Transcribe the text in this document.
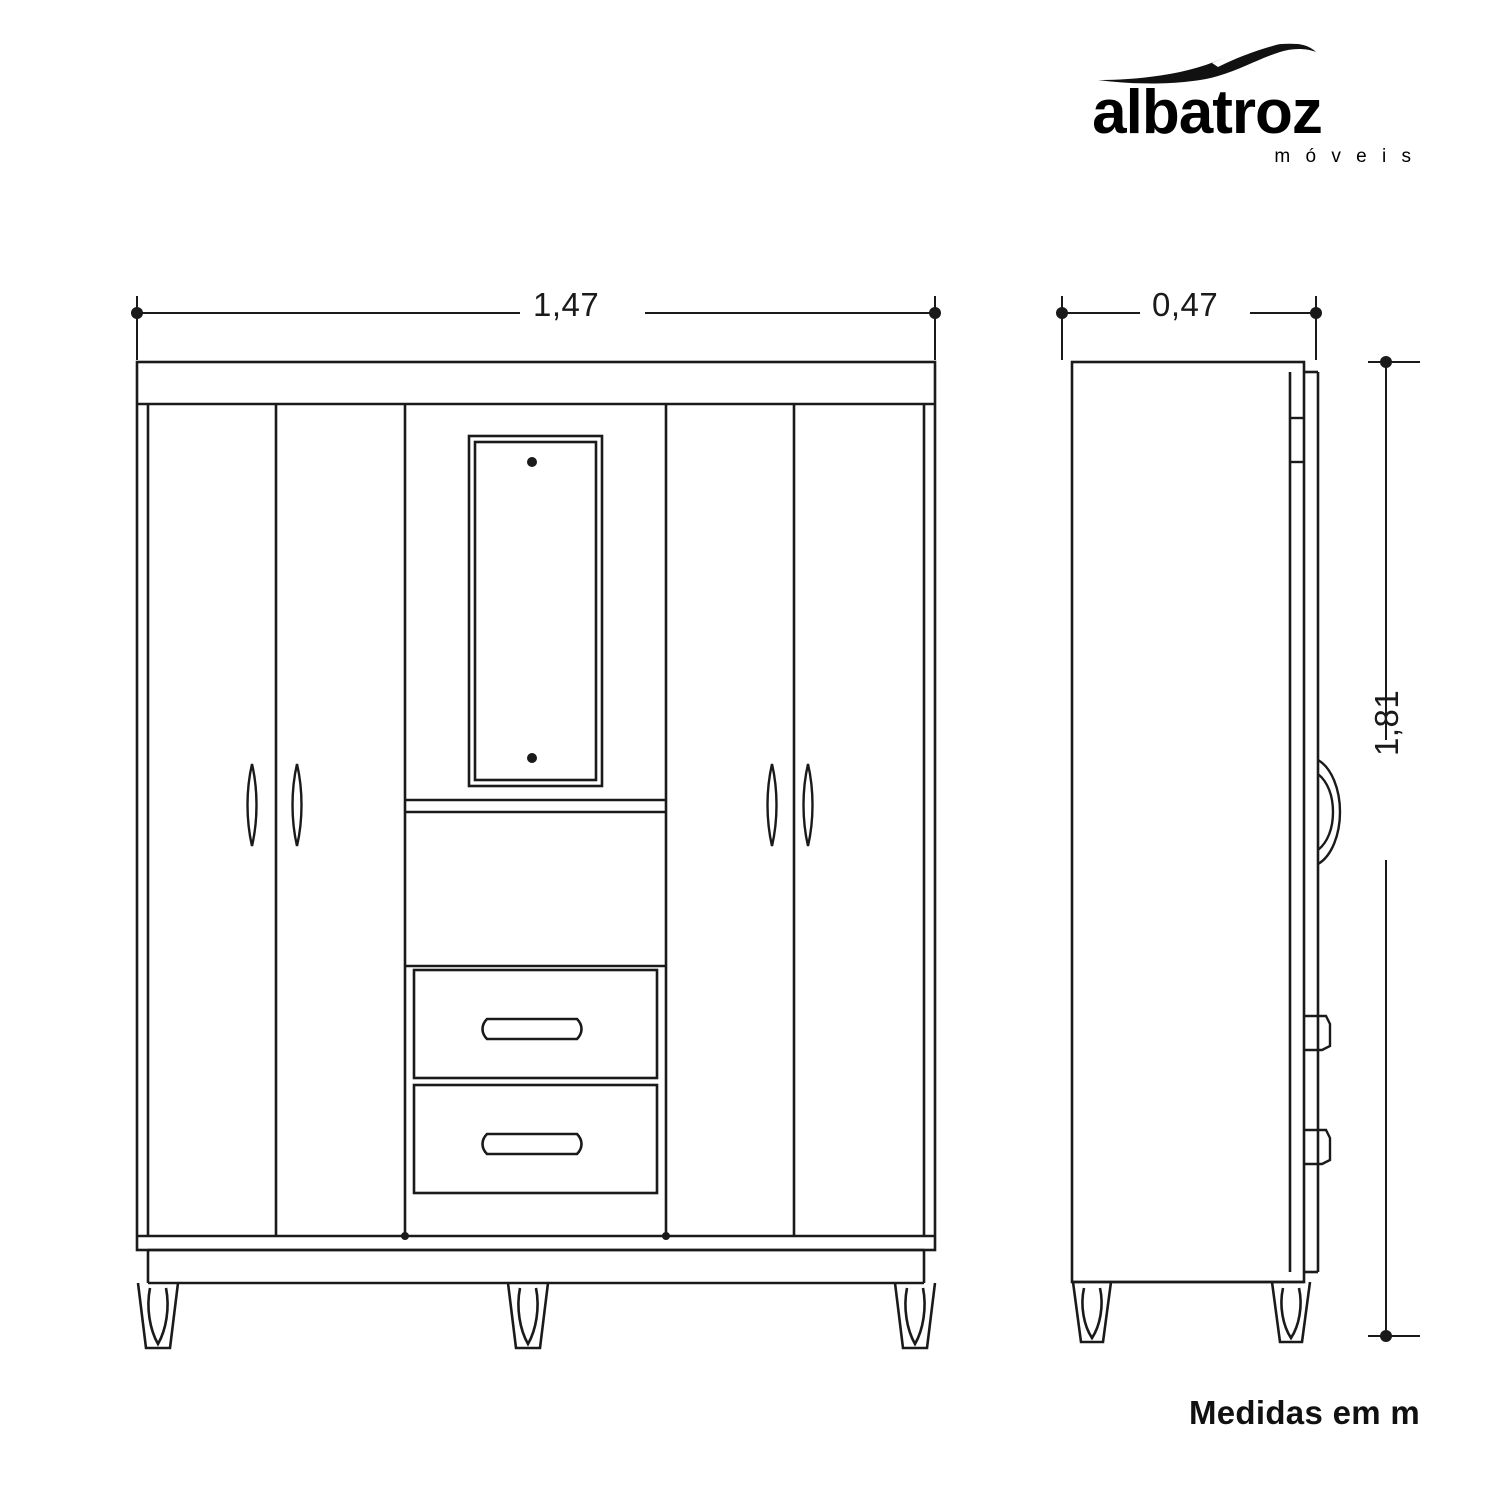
albatroz
m ó v e i s
1,47	0,47
1,81
Medidas em m
